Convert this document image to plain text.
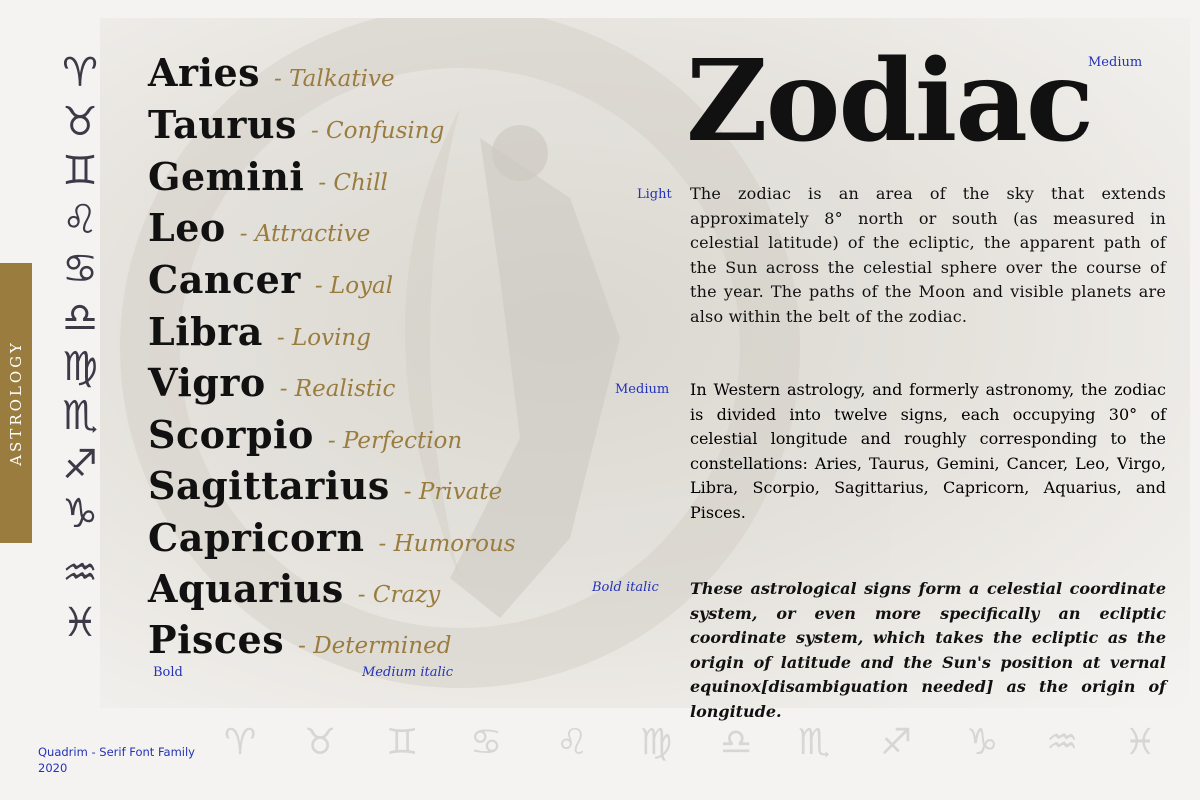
ASTROLOGY
♈
♉
♊
♌
♋
♎
♍
♏
♐
♑
♒
♓
Aries - Talkative
Taurus - Confusing
Gemini - Chill
Leo - Attractive
Cancer - Loyal
Libra - Loving
Vigro - Realistic
Scorpio - Perfection
Sagittarius - Private
Capricorn - Humorous
Aquarius - Crazy
Pisces - Determined
Bold	Medium italic
Zodiac
Medium
Light The zodiac is an area of the sky that extends approximately 8° north or south (as measured in celestial latitude) of the ecliptic, the apparent path of the Sun across the celestial sphere over the course of the year. The paths of the Moon and visible planets are also within the belt of the zodiac.

Medium In Western astrology, and formerly astronomy, the zodiac is divided into twelve signs, each occupying 30° of celestial longitude and roughly corresponding to the constellations: Aries, Taurus, Gemini, Cancer, Leo, Virgo, Libra, Scorpio, Sagittarius, Capricorn, Aquarius, and Pisces.

Bold italic These astrological signs form a celestial coordinate system, or even more specifically an ecliptic coordinate system, which takes the ecliptic as the origin of latitude and the Sun's position at vernal equinox[disambiguation needed] as the origin of longitude.

Quadrim - Serif Font Family
2020
♈ ♉ ♊ ♋ ♌ ♍ ♎ ♏ ♐ ♑ ♒ ♓
